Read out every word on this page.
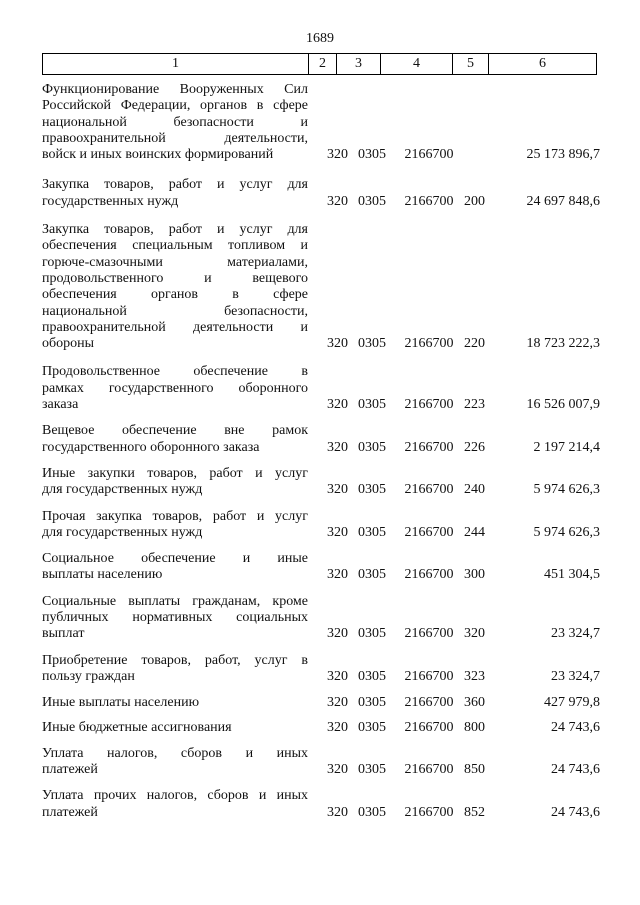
1689
1	2	3	4	5	6
Функционирование Вооруженных Сил
Российской Федерации, органов в сфере
национальной безопасности и
правоохранительной деятельности,
войск и иных воинских формирований	320 0305	2166700	25 173 896,7
Закупка товаров, работ и услуг для
государственных нужд	320 0305	2166700 200	24 697 848,6
Закупка товаров, работ и услуг для
обеспечения специальным топливом и
горюче-смазочными материалами,
продовольственного и вещевого
обеспечения органов в сфере
национальной безопасности,
правоохранительной деятельности и
обороны	320 0305	2166700 220	18 723 222,3
Продовольственное обеспечение в
рамках государственного оборонного
заказа	320 0305	2166700 223	16 526 007,9
Вещевое обеспечение вне рамок
государственного оборонного заказа	320 0305	2166700 226	2 197 214,4
Иные закупки товаров, работ и услуг
для государственных нужд	320 0305	2166700 240	5 974 626,3
Прочая закупка товаров, работ и услуг
для государственных нужд	320 0305	2166700 244	5 974 626,3
Социальное обеспечение и иные
выплаты населению	320 0305	2166700 300	451 304,5
Социальные выплаты гражданам, кроме
публичных нормативных социальных
выплат	320 0305	2166700 320	23 324,7
Приобретение товаров, работ, услуг в
пользу граждан	320 0305	2166700 323	23 324,7
Иные выплаты населению	320 0305	2166700 360	427 979,8
Иные бюджетные ассигнования	320 0305	2166700 800	24 743,6
Уплата налогов, сборов и иных
платежей	320 0305	2166700 850	24 743,6
Уплата прочих налогов, сборов и иных
платежей	320 0305	2166700 852	24 743,6
